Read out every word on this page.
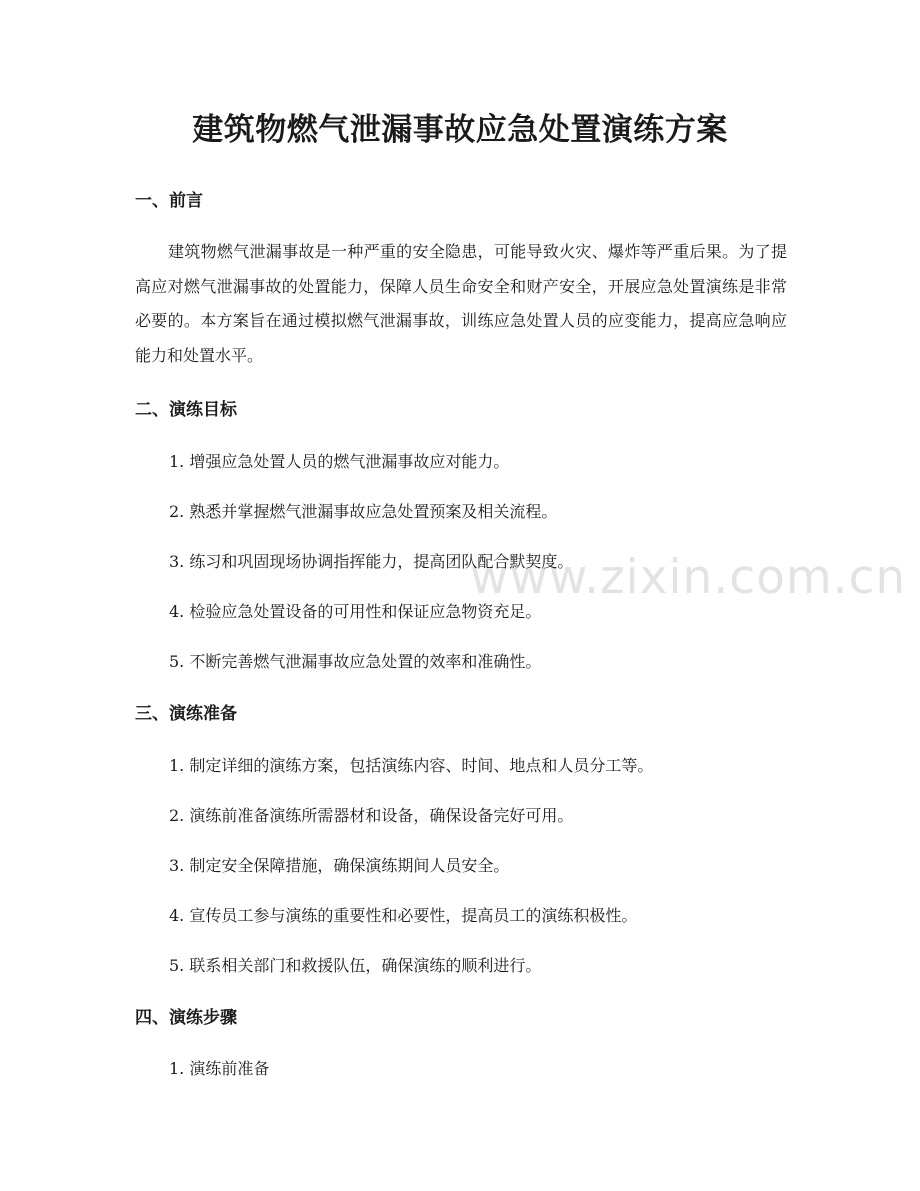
建筑物燃气泄漏事故应急处置演练方案
一、前言

建筑物燃气泄漏事故是一种严重的安全隐患，可能导致火灾、爆炸等严重后果。为了提高应对燃气泄漏事故的处置能力，保障人员生命安全和财产安全，开展应急处置演练是非常必要的。本方案旨在通过模拟燃气泄漏事故，训练应急处置人员的应变能力，提高应急响应能力和处置水平。

二、演练目标

1. 增强应急处置人员的燃气泄漏事故应对能力。

2. 熟悉并掌握燃气泄漏事故应急处置预案及相关流程。

3. 练习和巩固现场协调指挥能力，提高团队配合默契度。

4. 检验应急处置设备的可用性和保证应急物资充足。

5. 不断完善燃气泄漏事故应急处置的效率和准确性。

三、演练准备

1. 制定详细的演练方案，包括演练内容、时间、地点和人员分工等。

2. 演练前准备演练所需器材和设备，确保设备完好可用。

3. 制定安全保障措施，确保演练期间人员安全。

4. 宣传员工参与演练的重要性和必要性，提高员工的演练积极性。

5. 联系相关部门和救援队伍，确保演练的顺利进行。

四、演练步骤

1. 演练前准备

www.zixin.com.cn
